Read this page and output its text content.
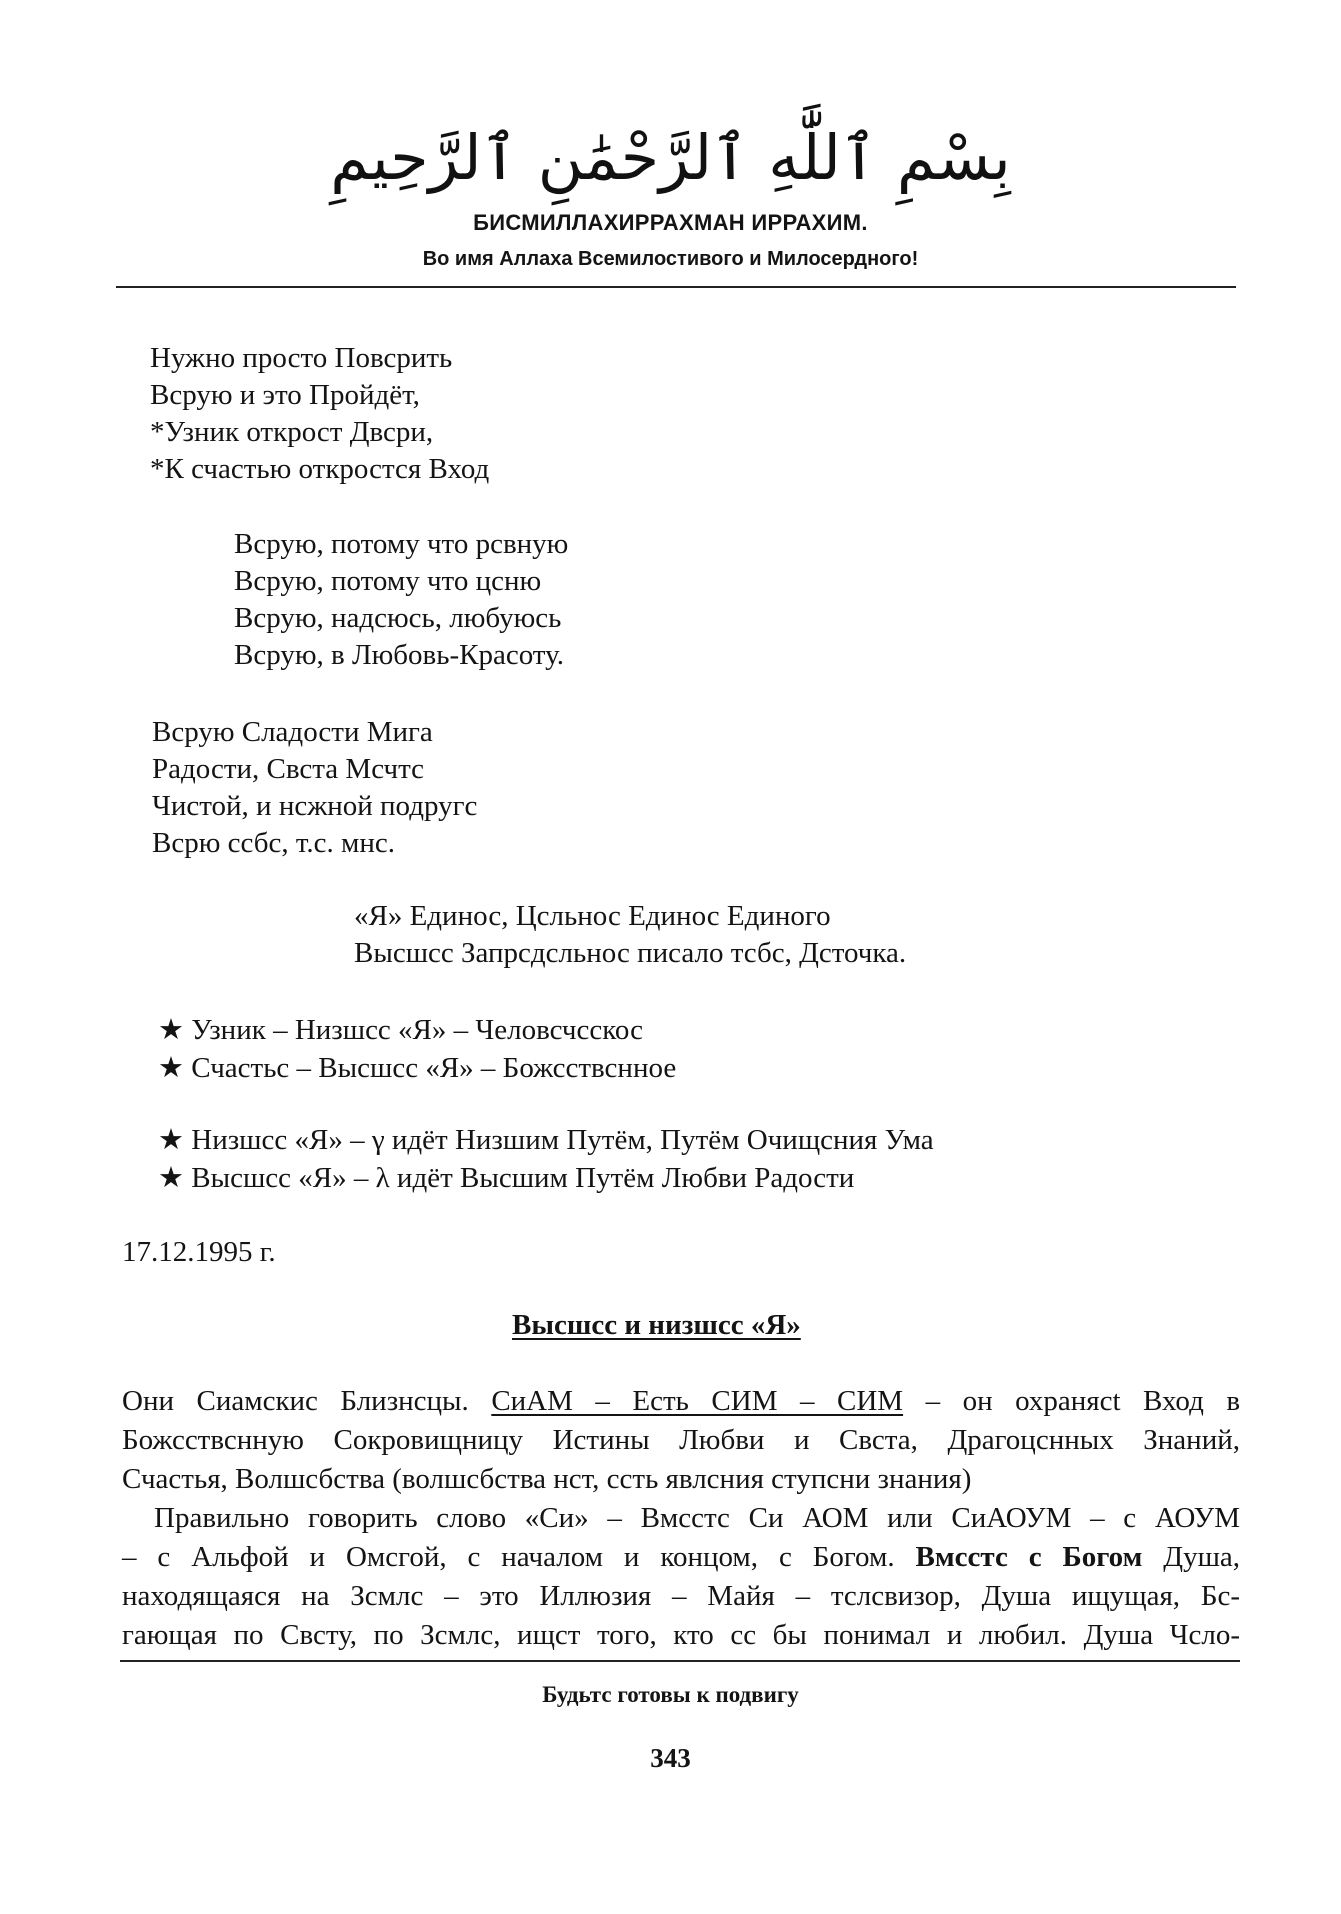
بِسْمِ ٱللَّٰهِ ٱلرَّحْمَٰنِ ٱلرَّحِيمِ
БИСМИЛЛАХИРРАХМАН ИРРАХИМ.
Во имя Аллаха Всемилостивого и Милосердного!
Нужно просто Повсрить
Всрую и это Пройдёт,
*Узник открост Двсри,
*К счастью откростся Вход
Всрую, потому что рсвную
Всрую, потому что цсню
Всрую, надсюсь, любуюсь
Всрую, в Любовь-Красоту.
Всрую Сладости Мига
Радости, Свста Мсчтс
Чистой, и нсжной подругс
Всрю ссбс, т.с. мнс.
«Я» Единос, Цсльнос Единос Единого
Высшсс Запрсдсльнос писало тсбс, Дсточка.
★ Узник – Низшсс «Я» – Человсчсскос
★ Счастьс – Высшсс «Я» – Божсствснное
★ Низшсс «Я» – γ идёт Низшим Путём, Путём Очищсния Ума
★ Высшсс «Я» – λ идёт Высшим Путём Любви Радости
17.12.1995 г.
Высшсс и низшсс «Я»
Они Сиамскис Близнсцы. СиАМ – Есть СИМ – СИМ – он охранясt Вход в
Божсствснную Сокровищницу Истины Любви и Свста, Драгоцснных Знаний,
Счастья, Волшсбства (волшсбства нст, ссть явлсния ступсни знания)
Правильно говорить слово «Си» – Вмсстс Си АОМ или СиАОУМ – с АОУМ
– с Альфой и Омсгой, с началом и концом, с Богом. Вмсстс с Богом Душа,
находящаяся на Зсмлс – это Иллюзия – Майя – тслсвизор, Душа ищущая, Бс-
гающая по Свсту, по Зсмлс, ищст того, кто сс бы понимал и любил. Душа Чсло-
Будьтс готовы к подвигу
343
